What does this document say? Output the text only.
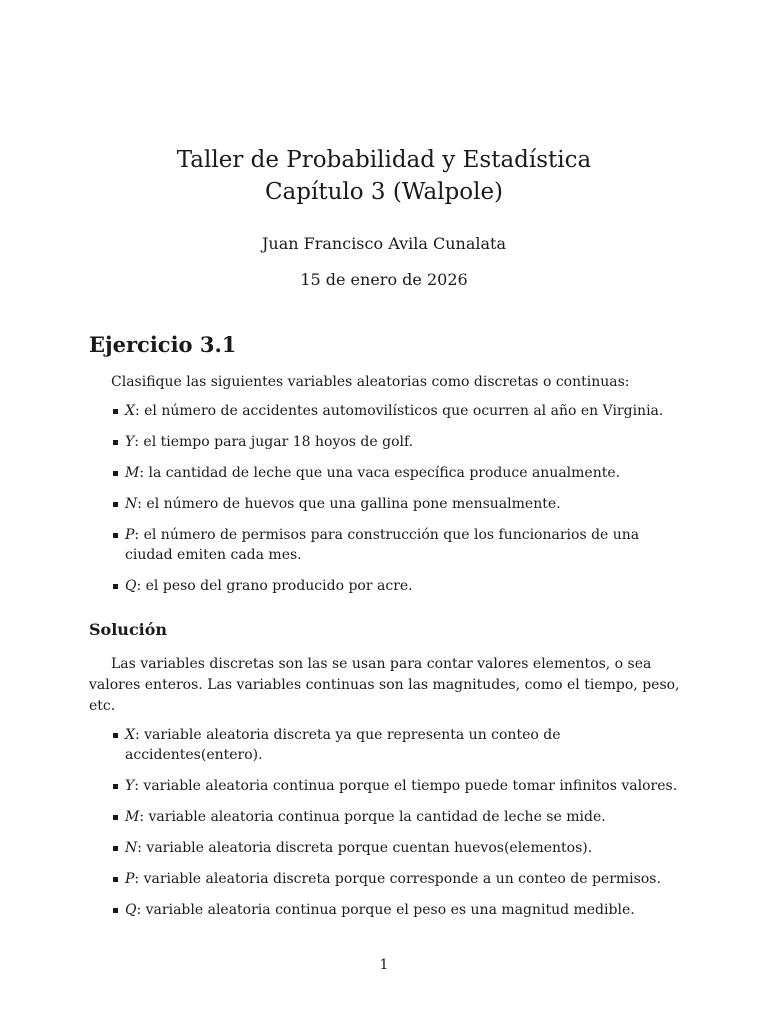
Taller de Probabilidad y Estadística
Capítulo 3 (Walpole)
Juan Francisco Avila Cunalata
15 de enero de 2026
Ejercicio 3.1

Clasifique las siguientes variables aleatorias como discretas o continuas:

X: el número de accidentes automovilísticos que ocurren al año en Virginia.
Y: el tiempo para jugar 18 hoyos de golf.
M: la cantidad de leche que una vaca específica produce anualmente.
N: el número de huevos que una gallina pone mensualmente.
P: el número de permisos para construcción que los funcionarios de una ciudad emiten cada mes.
Q: el peso del grano producido por acre.
Solución

Las variables discretas son las se usan para contar valores elementos, o sea valores enteros. Las variables continuas son las magnitudes, como el tiempo, peso, etc.

X: variable aleatoria discreta ya que representa un conteo de accidentes(entero).
Y: variable aleatoria continua porque el tiempo puede tomar infinitos valores.
M: variable aleatoria continua porque la cantidad de leche se mide.
N: variable aleatoria discreta porque cuentan huevos(elementos).
P: variable aleatoria discreta porque corresponde a un conteo de permisos.
Q: variable aleatoria continua porque el peso es una magnitud medible.
1
